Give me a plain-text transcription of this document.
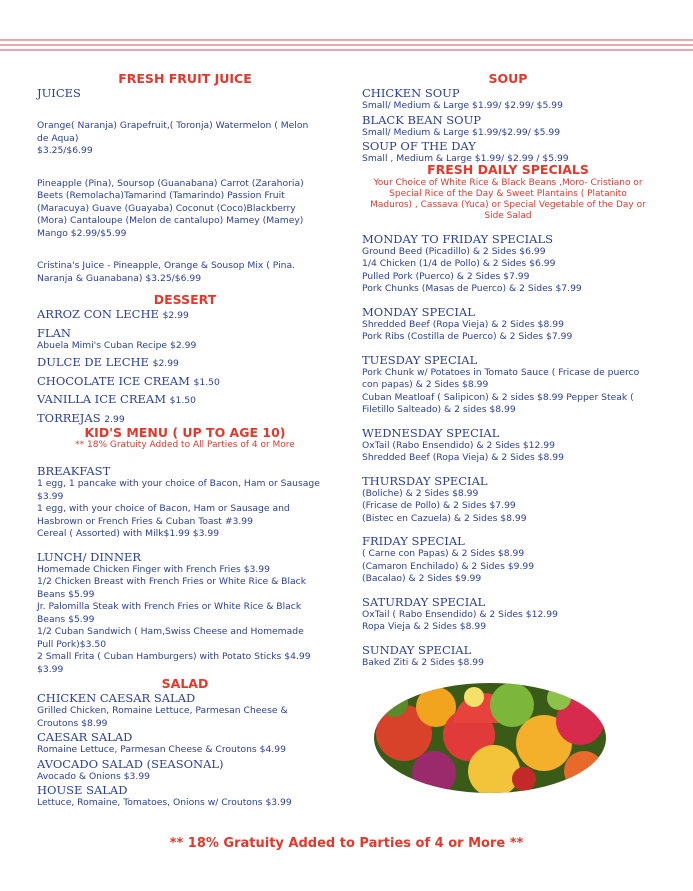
FRESH FRUIT JUICE
JUICES
Orange( Naranja) Grapefruit,( Toronja) Watermelon ( Melon
de Aqua)
$3.25/$6.99
Pineapple (Pina), Soursop (Guanabana) Carrot (Zarahoria)
Beets (Remolacha)Tamarind (Tamarindo) Passion Fruit
(Maracuya) Guave (Guayaba) Coconut (Coco)Blackberry
(Mora) Cantaloupe (Melon de cantalupo) Mamey (Mamey)
Mango $2.99/$5.99
Cristina's Juice - Pineapple, Orange & Sousop Mix ( Pina.
Naranja & Guanabana) $3.25/$6.99
DESSERT
ARROZ CON LECHE $2.99
FLAN
Abuela Mimi's Cuban Recipe $2.99
DULCE DE LECHE $2.99
CHOCOLATE ICE CREAM $1.50
VANILLA ICE CREAM $1.50
TORREJAS 2.99
KID'S MENU ( UP TO AGE 10)
** 18% Gratuity Added to All Parties of 4 or More
BREAKFAST
1 egg, 1 pancake with your choice of Bacon, Ham or Sausage
$3.99
1 egg, with your choice of Bacon, Ham or Sausage and
Hasbrown or French Fries & Cuban Toast #3.99
Cereal ( Assorted) with Milk$1.99 $3.99
LUNCH/ DINNER
Homemade Chicken Finger with French Fries $3.99
1/2 Chicken Breast with French Fries or White Rice & Black
Beans $5.99
Jr. Palomilla Steak with French Fries or White Rice & Black
Beans $5.99
1/2 Cuban Sandwich ( Ham,Swiss Cheese and Homemade
Pull Pork)$3.50
2 Small Frita ( Cuban Hamburgers) with Potato Sticks $4.99
$3.99
SALAD
CHICKEN CAESAR SALAD
Grilled Chicken, Romaine Lettuce, Parmesan Cheese &
Croutons $8.99
CAESAR SALAD
Romaine Lettuce, Parmesan Cheese & Croutons $4.99
AVOCADO SALAD (SEASONAL)
Avocado & Onions $3.99
HOUSE SALAD
Lettuce, Romaine, Tomatoes, Onions w/ Croutons $3.99
SOUP
CHICKEN SOUP
Small/ Medium & Large $1.99/ $2.99/ $5.99
BLACK BEAN SOUP
Small/ Medium & Large $1.99/$2.99/ $5.99
SOUP OF THE DAY
Small , Medium & Large $1.99/ $2.99 / $5.99
FRESH DAILY SPECIALS
Your Choice of White Rice & Black Beans ,Moro- Cristiano or
Special Rice of the Day & Sweet Plantains ( Platanito
Maduros) , Cassava (Yuca) or Special Vegetable of the Day or
Side Salad
MONDAY TO FRIDAY SPECIALS
Ground Beed (Picadillo) & 2 Sides $6.99
1/4 Chicken (1/4 de Pollo) & 2 Sides $6.99
Pulled Pork (Puerco) & 2 Sides $7.99
Pork Chunks (Masas de Puerco) & 2 Sides $7.99
MONDAY SPECIAL
Shredded Beef (Ropa Vieja) & 2 Sides $8.99
Pork Ribs (Costilla de Puerco) & 2 Sides $7.99
TUESDAY SPECIAL
Pork Chunk w/ Potatoes in Tomato Sauce ( Fricase de puerco
con papas) & 2 Sides $8.99
Cuban Meatloaf ( Salipicon) & 2 sides $8.99 Pepper Steak (
Filetillo Salteado) & 2 sides $8.99
WEDNESDAY SPECIAL
OxTail (Rabo Ensendido) & 2 Sides $12.99
Shredded Beef (Ropa Vieja) & 2 Sides $8.99
THURSDAY SPECIAL
(Boliche) & 2 Sides $8.99
(Fricase de Pollo) & 2 Sides $7.99
(Bistec en Cazuela) & 2 Sides $8.99
FRIDAY SPECIAL
( Carne con Papas) & 2 Sides $8.99
(Camaron Enchilado) & 2 Sides $9.99
(Bacalao) & 2 Sides $9.99
SATURDAY SPECIAL
OxTail ( Rabo Ensendido) & 2 Sides $12.99
Ropa Vieja & 2 Sides $8.99
SUNDAY SPECIAL
Baked Ziti & 2 Sides $8.99
** 18% Gratuity Added to Parties of 4 or More **
